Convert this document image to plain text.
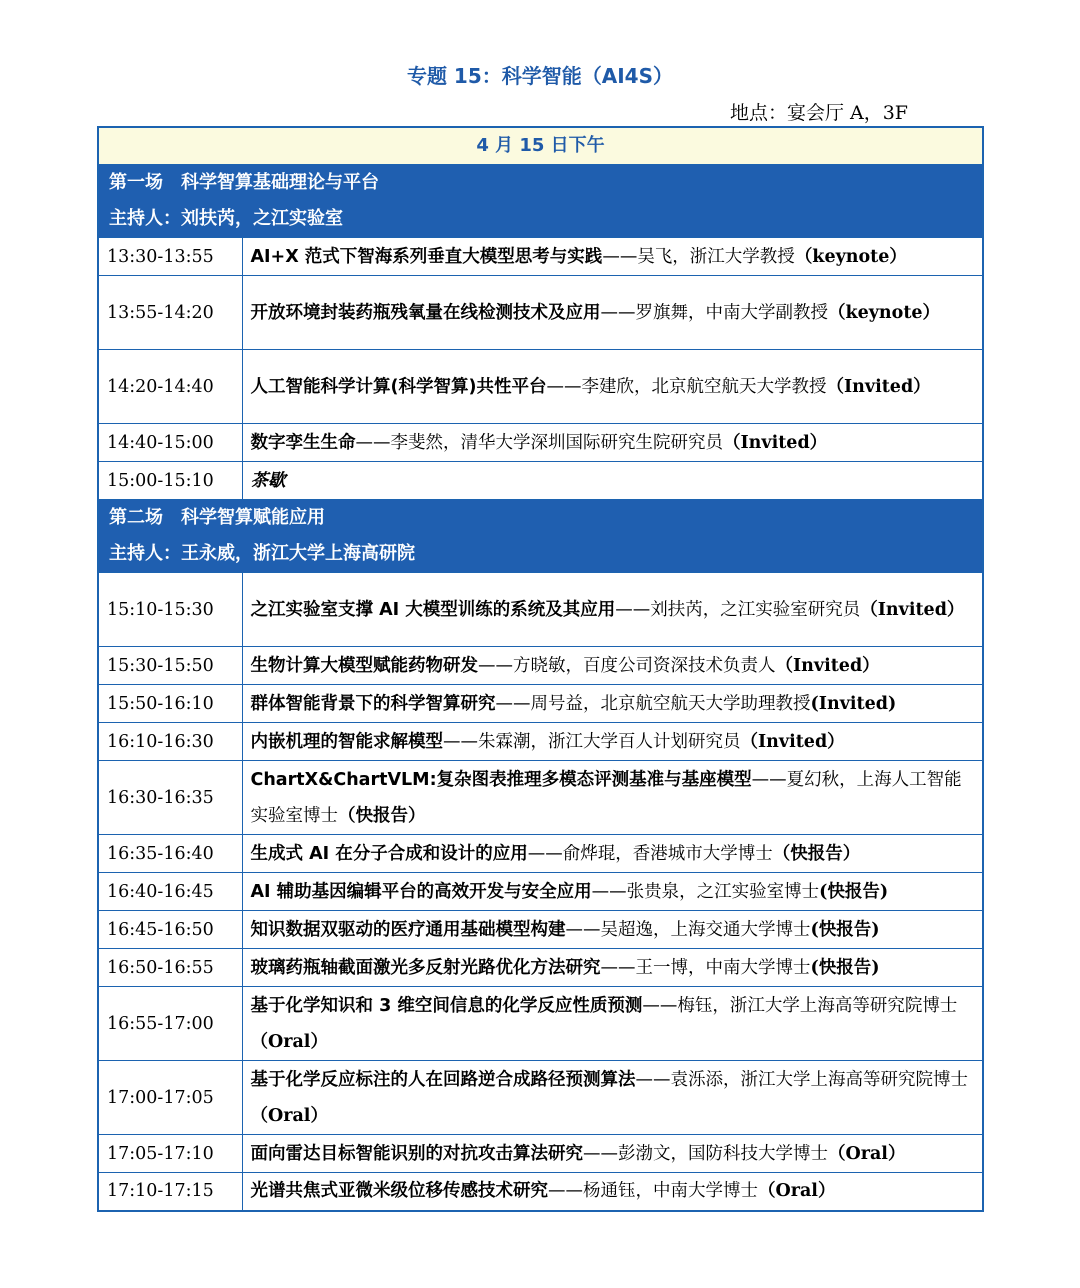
专题 15：科学智能（AI4S）
地点：宴会厅 A，3F
4 月 15 日下午	

第一场　科学智算基础理论与平台
主持人：刘扶芮，之江实验室	

13:30-13:55	AI+X 范式下智海系列垂直大模型思考与实践——吴飞，浙江大学教授（keynote）
13:55-14:20	开放环境封装药瓶残氧量在线检测技术及应用——罗旗舞，中南大学副教授（keynote）
14:20-14:40	人工智能科学计算(科学智算)共性平台——李建欣，北京航空航天大学教授（Invited）
14:40-15:00	数字孪生生命——李斐然，清华大学深圳国际研究生院研究员（Invited）
15:00-15:10	茶歇

第二场　科学智算赋能应用
主持人：王永威，浙江大学上海高研院	

15:10-15:30	之江实验室支撑 AI 大模型训练的系统及其应用——刘扶芮，之江实验室研究员（Invited）
15:30-15:50	生物计算大模型赋能药物研发——方晓敏，百度公司资深技术负责人（Invited）
15:50-16:10	群体智能背景下的科学智算研究——周号益，北京航空航天大学助理教授(Invited)
16:10-16:30	内嵌机理的智能求解模型——朱霖潮，浙江大学百人计划研究员（Invited）
16:30-16:35	ChartX&ChartVLM:复杂图表推理多模态评测基准与基座模型——夏幻秋，上海人工智能实验室博士（快报告）
16:35-16:40	生成式 AI 在分子合成和设计的应用——俞烨琨，香港城市大学博士（快报告）
16:40-16:45	AI 辅助基因编辑平台的高效开发与安全应用——张贵泉，之江实验室博士(快报告)
16:45-16:50	知识数据双驱动的医疗通用基础模型构建——吴超逸，上海交通大学博士(快报告)
16:50-16:55	玻璃药瓶轴截面激光多反射光路优化方法研究——王一博，中南大学博士(快报告)
16:55-17:00	基于化学知识和 3 维空间信息的化学反应性质预测——梅钰，浙江大学上海高等研究院博士（Oral）
17:00-17:05	基于化学反应标注的人在回路逆合成路径预测算法——袁泺添，浙江大学上海高等研究院博士（Oral）
17:05-17:10	面向雷达目标智能识别的对抗攻击算法研究——彭渤文，国防科技大学博士（Oral）
17:10-17:15	光谱共焦式亚微米级位移传感技术研究——杨通钰，中南大学博士（Oral）
